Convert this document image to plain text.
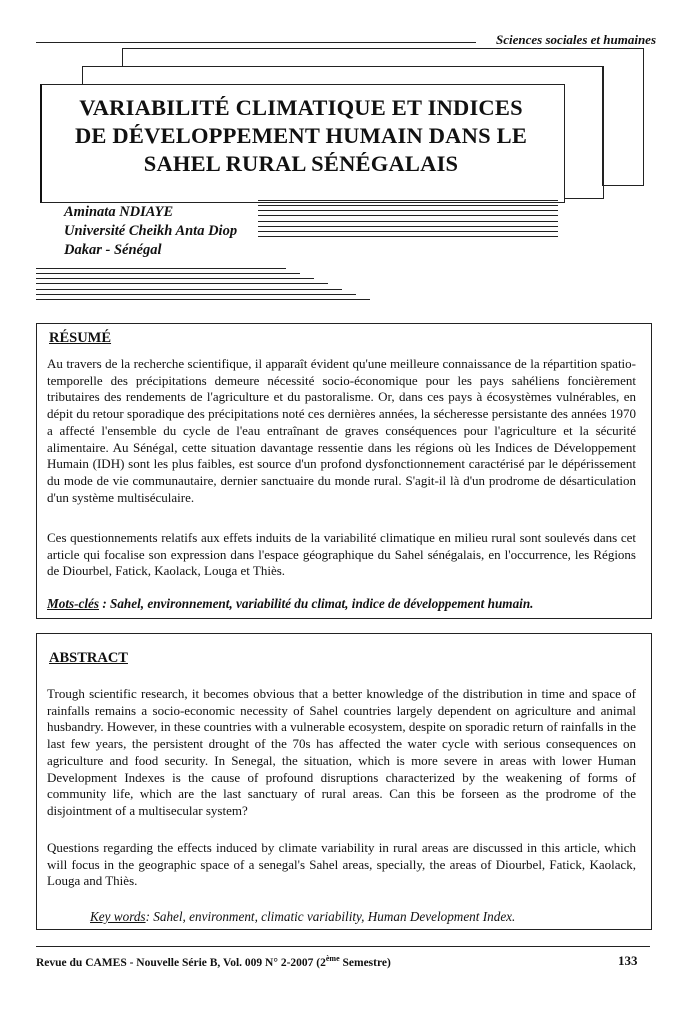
Sciences sociales et humaines
VARIABILITÉ CLIMATIQUE ET INDICES
DE DÉVELOPPEMENT HUMAIN DANS LE
SAHEL RURAL SÉNÉGALAIS
Aminata NDIAYE
Université Cheikh Anta Diop
Dakar - Sénégal
RÉSUMÉ
Au travers de la recherche scientifique, il apparaît évident qu'une meilleure connaissance de la répartition spatio-temporelle des précipitations demeure nécessité socio-économique pour les pays sahéliens foncièrement tributaires des rendements de l'agriculture et du pastoralisme. Or, dans ces pays à écosystèmes vulnérables, en dépit du retour sporadique des précipitations noté ces dernières années, la sécheresse persistante des années 1970 a affecté l'ensemble du cycle de l'eau entraînant de graves conséquences pour l'agriculture et la sécurité alimentaire. Au Sénégal, cette situation davantage ressentie dans les régions où les Indices de Développement Humain (IDH) sont les plus faibles, est source d'un profond dysfonctionnement caractérisé par le dépérissement du mode de vie communautaire, dernier sanctuaire du monde rural. S'agit-il là d'un prodrome de désarticulation d'un système multiséculaire.
Ces questionnements relatifs aux effets induits de la variabilité climatique en milieu rural sont soulevés dans cet article qui focalise son expression dans l'espace géographique du Sahel sénégalais, en l'occurrence, les Régions de Diourbel, Fatick, Kaolack, Louga et Thiès.
Mots-clés : Sahel, environnement, variabilité du climat, indice de développement humain.
ABSTRACT
Trough scientific research, it becomes obvious that a better knowledge of the distribution in time and space of rainfalls remains a socio-economic necessity of Sahel countries largely dependent on agriculture and animal husbandry. However, in these countries with a vulnerable ecosystem, despite on sporadic return of rainfalls in the last few years, the persistent drought of the 70s has affected the water cycle with serious consequences on agriculture and food security. In Senegal, the situation, which is more severe in areas with lower Human Development Indexes is the cause of profound disruptions characterized by the weakening of forms of community life, which are the last sanctuary of rural areas. Can this be forseen as the prodrome of the disjointment of a multisecular system?
Questions regarding the effects induced by climate variability in rural areas are discussed in this article, which will focus in the geographic space of a senegal's Sahel areas, specially, the areas of Diourbel, Fatick, Kaolack, Louga and Thiès.
Key words: Sahel, environment, climatic variability, Human Development Index.
Revue du CAMES - Nouvelle Série B, Vol. 009 N° 2-2007 (2ème Semestre)	133
